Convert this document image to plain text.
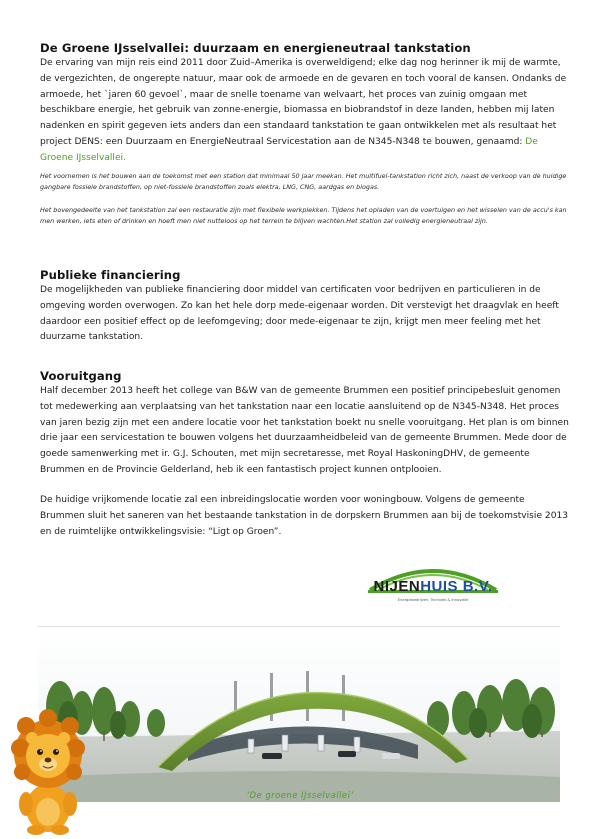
De Groene IJsselvallei: duurzaam en energieneutraal tankstation
De ervaring van mijn reis eind 2011 door Zuid–Amerika is overweldigend; elke dag nog herinner ik mij de warmte, de vergezichten, de ongerepte natuur, maar ook de armoede en de gevaren en toch vooral de kansen. Ondanks de armoede, het `jaren 60 gevoel`, maar de snelle toename van welvaart, het proces van zuinig omgaan met beschikbare energie, het gebruik van zonne-energie, biomassa en biobrandstof in deze landen, hebben mij laten nadenken en spirit gegeven iets anders dan een standaard tankstation te gaan ontwikkelen met als resultaat het project DENS: een Duurzaam en EnergieNeutraal Servicestation aan de N345-N348 te bouwen, genaamd: De Groene IJsselvallei.
Het voornemen is het bouwen aan de toekomst met een station dat minimaal 50 jaar meekan. Het multifuel-tankstation richt zich, naast de verkoop van de huidige gangbare fossiele brandstoffen, op niet-fossiele brandstoffen zoals elektra, LNG, CNG, aardgas en biogas.
Het bovengedeelte van het tankstation zal een restauratie zijn met flexibele werkplekken. Tijdens het opladen van de voertuigen en het wisselen van de accu's kan men werken, iets eten of drinken en hoeft men niet nutteloos op het terrein te blijven wachten.Het station zal volledig energieneutraal zijn.
Publieke financiering
De mogelijkheden van publieke financiering door middel van certificaten voor bedrijven en particulieren in de omgeving worden overwogen. Zo kan het hele dorp mede-eigenaar worden. Dit verstevigt het draagvlak en heeft daardoor een positief effect op de leefomgeving; door mede-eigenaar te zijn, krijgt men meer feeling met het duurzame tankstation.
Vooruitgang
Half december 2013 heeft het college van B&W van de gemeente Brummen een positief principebesluit genomen tot medewerking aan verplaatsing van het tankstation naar een locatie aansluitend op de N345-N348. Het proces van jaren bezig zijn met een andere locatie voor het tankstation boekt nu snelle vooruitgang. Het plan is om binnen drie jaar een servicestation te bouwen volgens het duurzaamheidbeleid van de gemeente Brummen. Mede door de goede samenwerking met ir. G.J. Schouten, met mijn secretaresse, met Royal HaskoningDHV, de gemeente Brummen en de Provincie Gelderland, heb ik een fantastisch project kunnen ontplooien.
De huidige vrijkomende locatie zal een inbreidingslocatie worden voor woningbouw. Volgens de gemeente Brummen sluit het saneren van het bestaande tankstation in de dorpskern Brummen aan bij de toekomstvisie 2013 en de ruimtelijke ontwikkelingsvisie: “Ligt op Groen”.
NIJENHUIS B.V.
Energiebedrijven, Techniek & Innovatie
‘De groene IJsselvallei’
